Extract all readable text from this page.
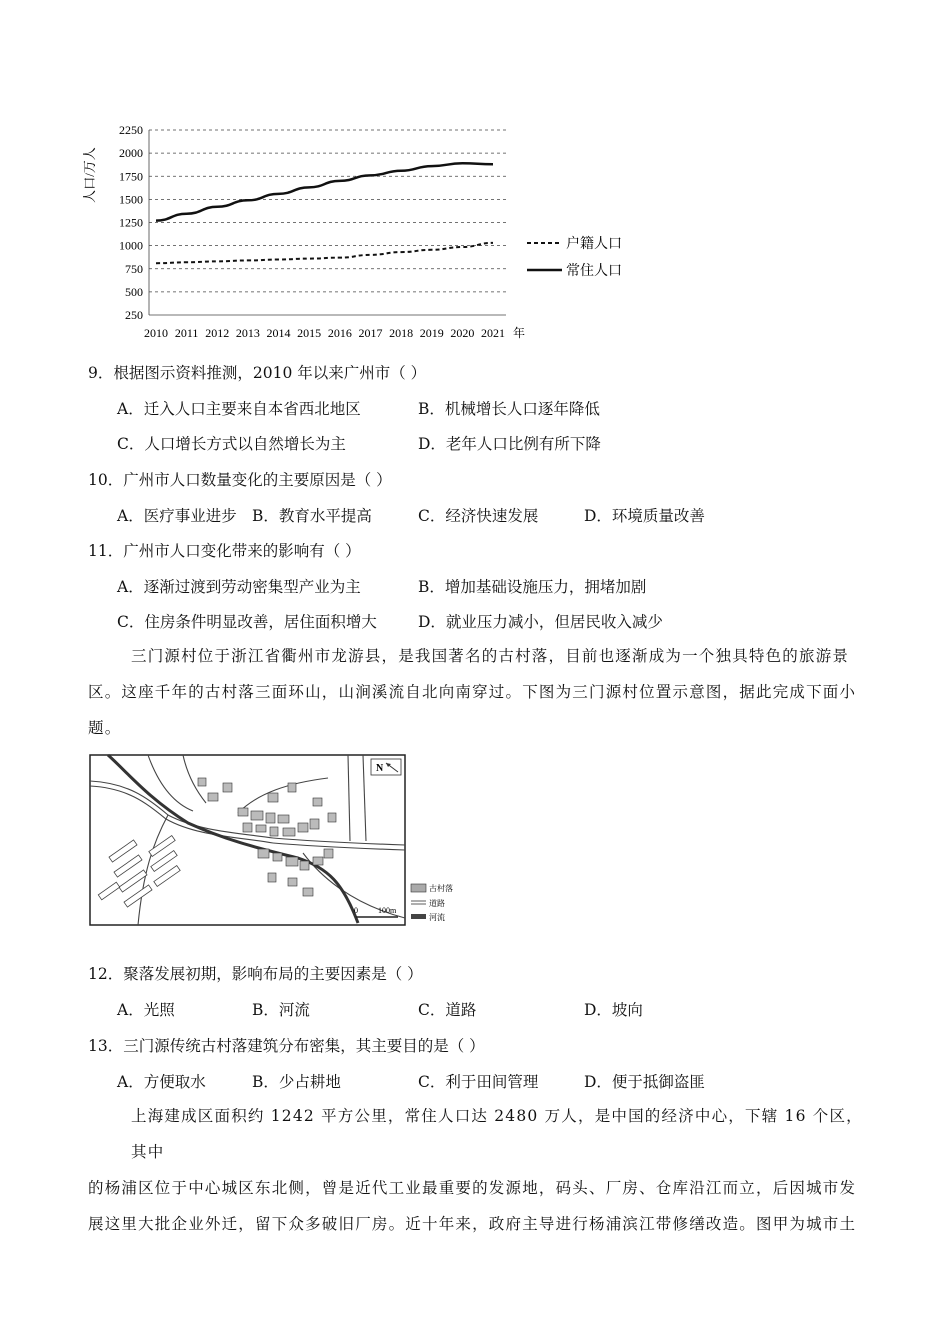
250
500
750
1000
1250
1500
1750
2000
2250
2010 2011 2012 2013 2014 2015 2016 2017 2018 2019 2020 2021 年
人口/万人
户籍人口
常住人口
9．根据图示资料推测，2010 年以来广州市（ ）
A．迁入人口主要来自本省西北地区	B．机械增长人口逐年降低
C．人口增长方式以自然增长为主	D．老年人口比例有所下降
10．广州市人口数量变化的主要原因是（ ）
A．医疗事业进步 B．教育水平提高	C．经济快速发展	D．环境质量改善
11．广州市人口变化带来的影响有（ ）
A．逐渐过渡到劳动密集型产业为主	B．增加基础设施压力，拥堵加剧
C．住房条件明显改善，居住面积增大	D．就业压力减小，但居民收入减少
三门源村位于浙江省衢州市龙游县，是我国著名的古村落，目前也逐渐成为一个独具特色的旅游景
区。这座千年的古村落三面环山，山涧溪流自北向南穿过。下图为三门源村位置示意图，据此完成下面小
题。
N
0	100m
古村落
道路
河流
12．聚落发展初期，影响布局的主要因素是（ ）
A．光照	B．河流	C．道路	D．坡向
13．三门源传统古村落建筑分布密集，其主要目的是（ ）
A．方便取水	B．少占耕地	C．利于田间管理	D．便于抵御盗匪
上海建成区面积约 1242 平方公里，常住人口达 2480 万人，是中国的经济中心，下辖 16 个区，其中
的杨浦区位于中心城区东北侧，曾是近代工业最重要的发源地，码头、厂房、仓库沿江而立，后因城市发
展这里大批企业外迁，留下众多破旧厂房。近十年来，政府主导进行杨浦滨江带修缮改造。图甲为城市土
